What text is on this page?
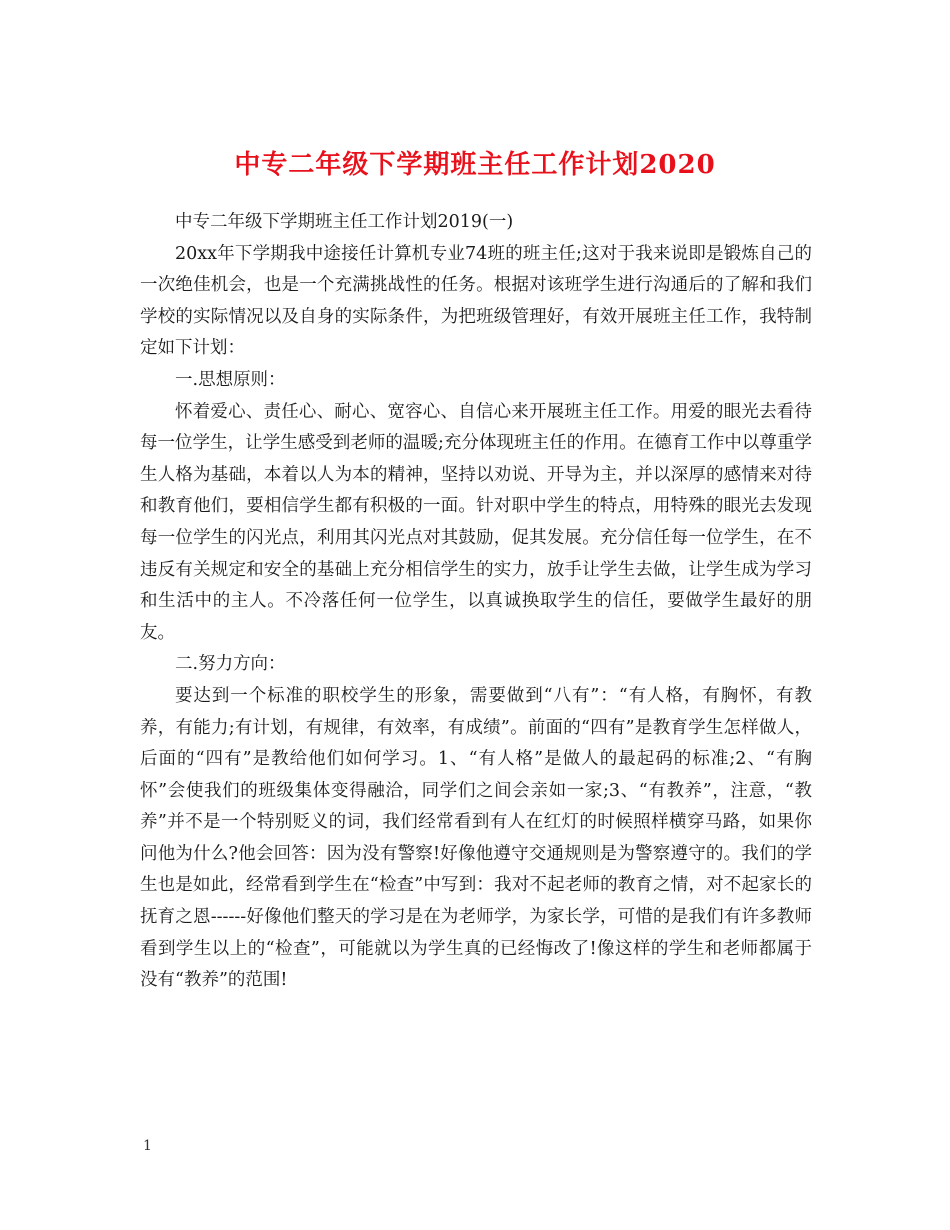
中专二年级下学期班主任工作计划2020

中专二年级下学期班主任工作计划2019(一)

20xx年下学期我中途接任计算机专业74班的班主任;这对于我来说即是锻炼自己的一次绝佳机会，也是一个充满挑战性的任务。根据对该班学生进行沟通后的了解和我们学校的实际情况以及自身的实际条件，为把班级管理好，有效开展班主任工作，我特制定如下计划：

一.思想原则：

怀着爱心、责任心、耐心、宽容心、自信心来开展班主任工作。用爱的眼光去看待每一位学生，让学生感受到老师的温暖;充分体现班主任的作用。在德育工作中以尊重学生人格为基础，本着以人为本的精神，坚持以劝说、开导为主，并以深厚的感情来对待和教育他们，要相信学生都有积极的一面。针对职中学生的特点，用特殊的眼光去发现每一位学生的闪光点，利用其闪光点对其鼓励，促其发展。充分信任每一位学生，在不违反有关规定和安全的基础上充分相信学生的实力，放手让学生去做，让学生成为学习和生活中的主人。不冷落任何一位学生，以真诚换取学生的信任，要做学生最好的朋友。

二.努力方向：

要达到一个标准的职校学生的形象，需要做到“八有”：“有人格，有胸怀，有教养，有能力;有计划，有规律，有效率，有成绩”。前面的“四有”是教育学生怎样做人，后面的“四有”是教给他们如何学习。1、“有人格”是做人的最起码的标准;2、“有胸怀”会使我们的班级集体变得融洽，同学们之间会亲如一家;3、“有教养”，注意，“教养”并不是一个特别贬义的词，我们经常看到有人在红灯的时候照样横穿马路，如果你问他为什么?他会回答：因为没有警察!好像他遵守交通规则是为警察遵守的。我们的学生也是如此，经常看到学生在“检查”中写到：我对不起老师的教育之情，对不起家长的抚育之恩------好像他们整天的学习是在为老师学，为家长学，可惜的是我们有许多教师看到学生以上的“检查”，可能就以为学生真的已经悔改了!像这样的学生和老师都属于没有“教养”的范围!

1
